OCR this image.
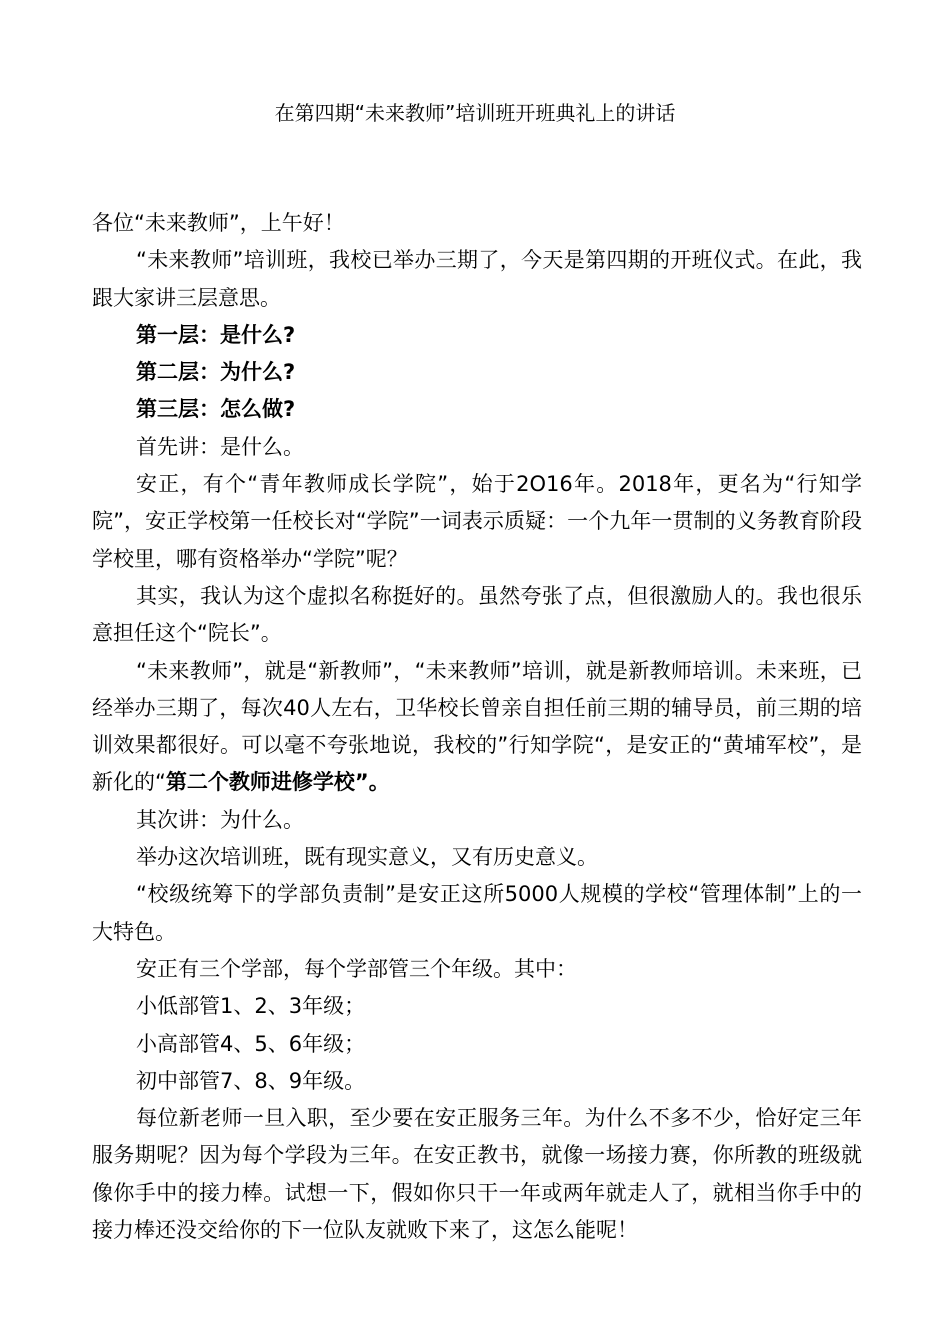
在第四期“未来教师”培训班开班典礼上的讲话

各位“未来教师”，上午好！

“未来教师”培训班，我校已举办三期了，今天是第四期的开班仪式。在此，我跟大家讲三层意思。

第一层：是什么?

第二层：为什么?

第三层：怎么做?

首先讲：是什么。

安正，有个“青年教师成长学院”，始于2O16年。2018年，更名为“行知学院”，安正学校第一任校长对“学院”一词表示质疑：一个九年一贯制的义务教育阶段学校里，哪有资格举办“学院”呢？

其实，我认为这个虚拟名称挺好的。虽然夸张了点，但很激励人的。我也很乐意担任这个“院长”。

“未来教师”，就是“新教师”，“未来教师”培训，就是新教师培训。未来班，已经举办三期了，每次40人左右，卫华校长曾亲自担任前三期的辅导员，前三期的培训效果都很好。可以毫不夸张地说，我校的”行知学院“，是安正的“黄埔军校”，是新化的“第二个教师进修学校”。

其次讲：为什么。

举办这次培训班，既有现实意义，又有历史意义。

“校级统筹下的学部负责制”是安正这所5000人规模的学校“管理体制”上的一大特色。

安正有三个学部，每个学部管三个年级。其中：

小低部管1、2、3年级；

小高部管4、5、6年级；

初中部管7、8、9年级。

每位新老师一旦入职，至少要在安正服务三年。为什么不多不少，恰好定三年服务期呢？因为每个学段为三年。在安正教书，就像一场接力赛，你所教的班级就像你手中的接力棒。试想一下，假如你只干一年或两年就走人了，就相当你手中的接力棒还没交给你的下一位队友就败下来了，这怎么能呢！
